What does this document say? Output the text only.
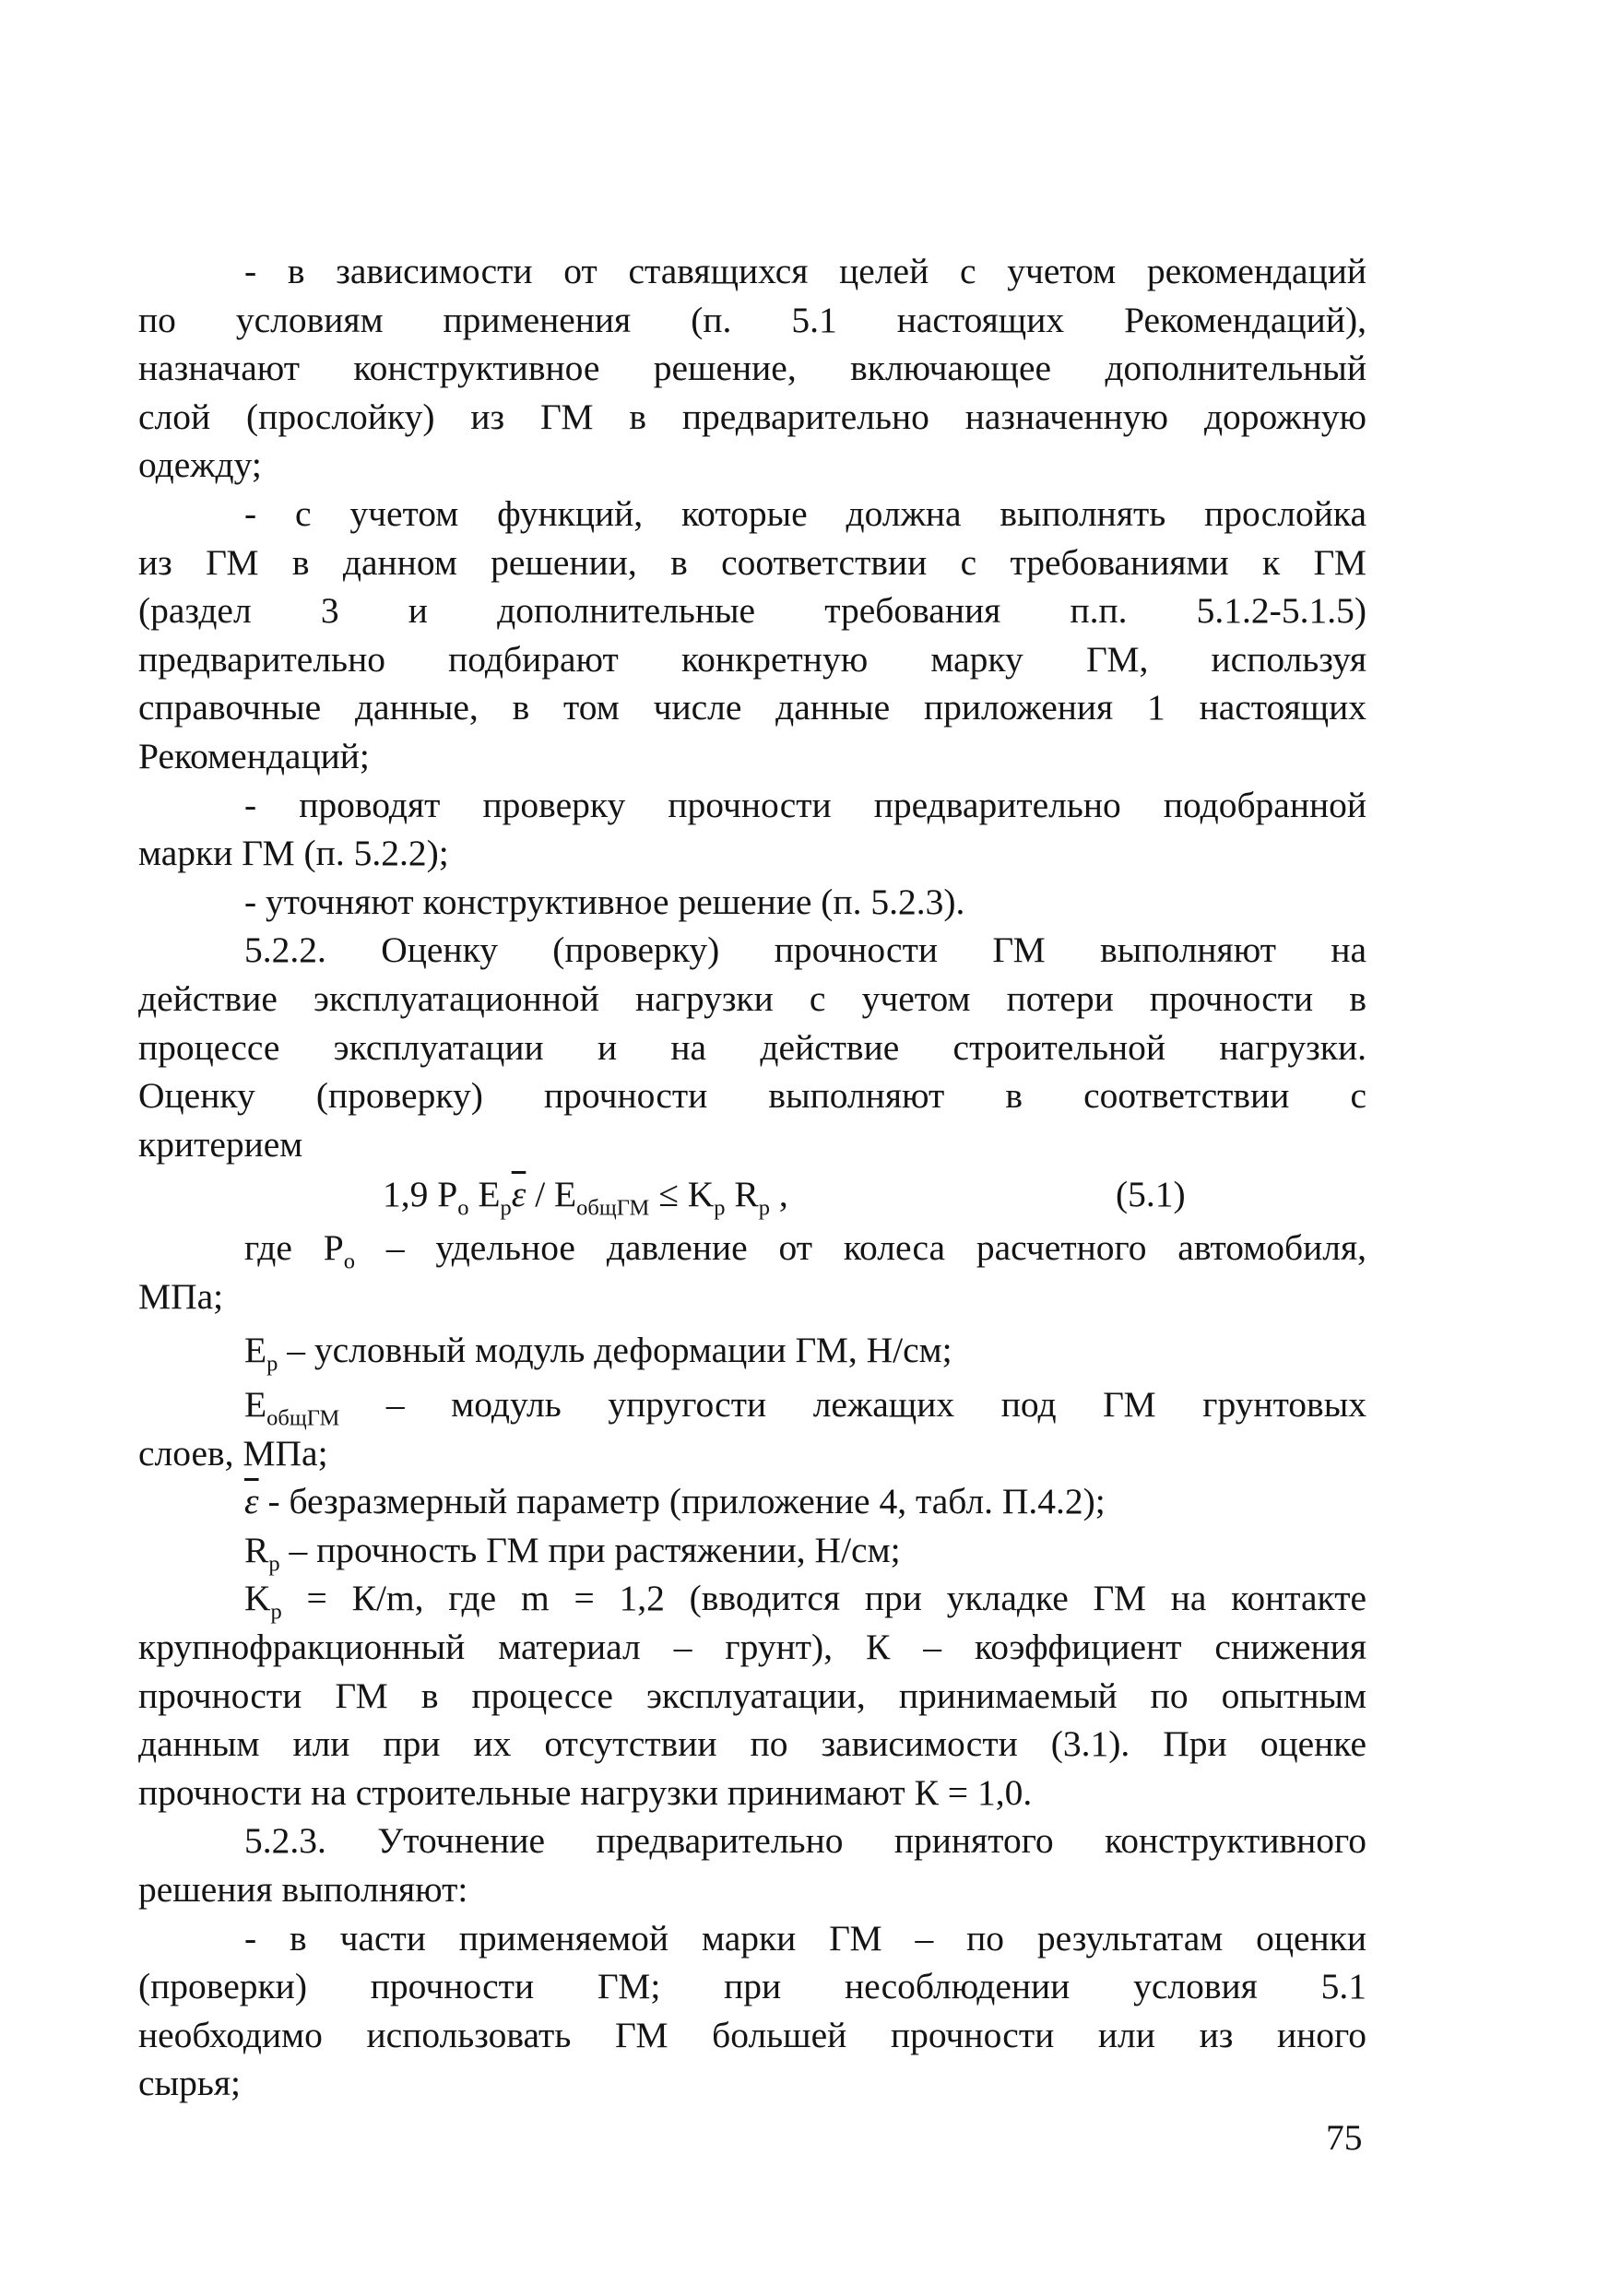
- в зависимости от ставящихся целей с учетом рекомендаций
по условиям применения (п. 5.1 настоящих Рекомендаций),
назначают конструктивное решение, включающее дополнительный
слой (прослойку) из ГМ в предварительно назначенную дорожную
одежду;

- с учетом функций, которые должна выполнять прослойка
из ГМ в данном решении, в соответствии с требованиями к ГМ
(раздел 3 и дополнительные требования п.п. 5.1.2-5.1.5)
предварительно подбирают конкретную марку ГМ, используя
справочные данные, в том числе данные приложения 1 настоящих
Рекомендаций;

- проводят проверку прочности предварительно подобранной
марки ГМ (п. 5.2.2);

- уточняют конструктивное решение (п. 5.2.3).

5.2.2. Оценку (проверку) прочности ГМ выполняют на
действие эксплуатационной нагрузки с учетом потери прочности в
процессе эксплуатации и на действие строительной нагрузки.
Оценку (проверку) прочности выполняют в соответствии с
критерием

1,9 $P_o$ $E_p\overline{\varepsilon} / E_{общГМ} \le K_p$ $R_p$ ,	(5.1)

где $P_o$ – удельное давление от колеса расчетного автомобиля,
МПа;

$E_p$ – условный модуль деформации ГМ, Н/см;

$E_{общГМ}$ – модуль упругости лежащих под ГМ грунтовых
слоев, МПа;

$\overline{\varepsilon}$ - безразмерный параметр (приложение 4, табл. П.4.2);

$R_p$ – прочность ГМ при растяжении, Н/см;

$K_p = К/m$, где m = 1,2 (вводится при укладке ГМ на контакте
крупнофракционный материал – грунт), К – коэффициент снижения
прочности ГМ в процессе эксплуатации, принимаемый по опытным
данным или при их отсутствии по зависимости (3.1). При оценке
прочности на строительные нагрузки принимают К = 1,0.

5.2.3. Уточнение предварительно принятого конструктивного
решения выполняют:

- в части применяемой марки ГМ – по результатам оценки
(проверки) прочности ГМ; при несоблюдении условия 5.1
необходимо использовать ГМ большей прочности или из иного
сырья;

75
